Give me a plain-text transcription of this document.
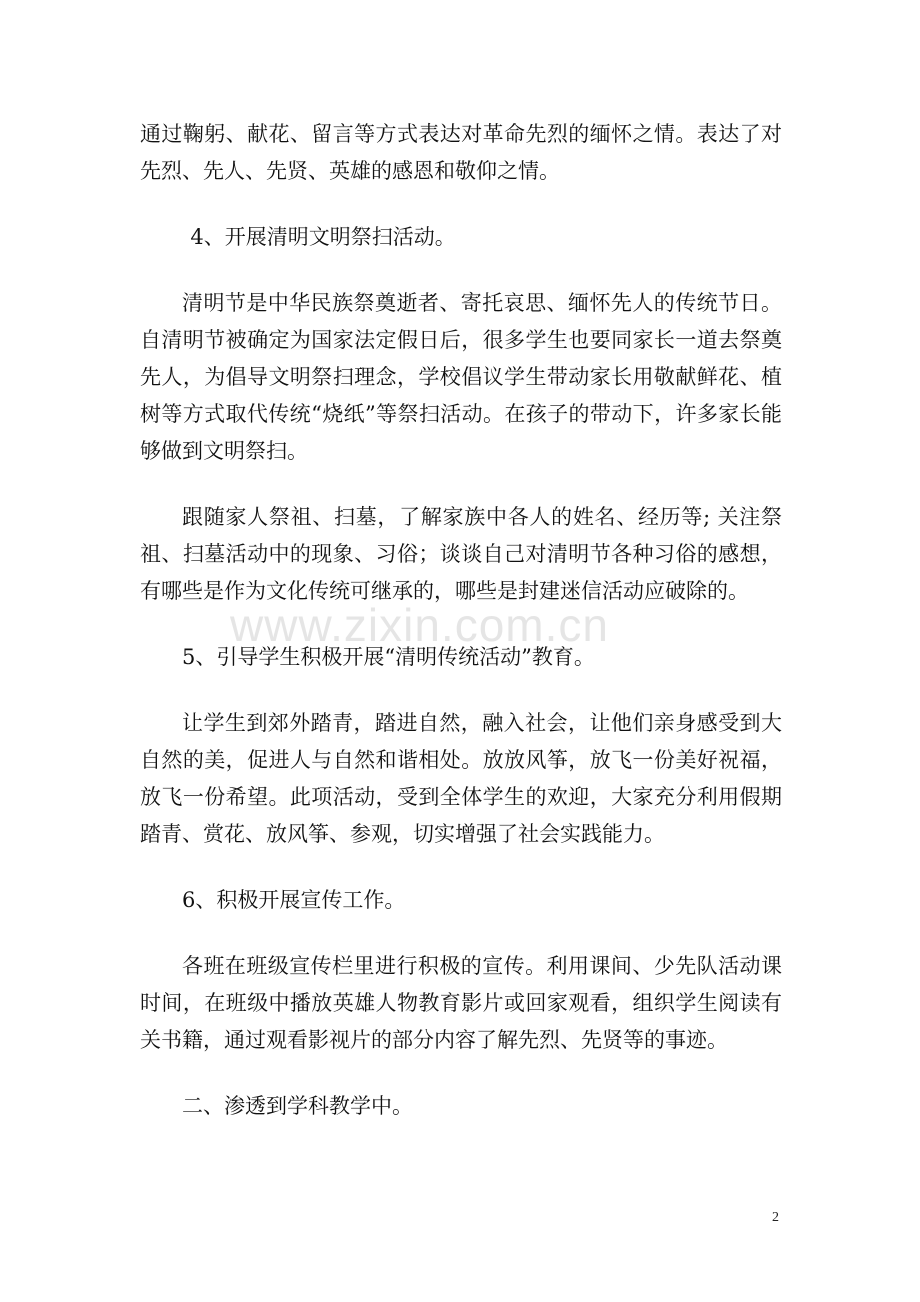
通过鞠躬、献花、留言等方式表达对革命先烈的缅怀之情。表达了对先烈、先人、先贤、英雄的感恩和敬仰之情。

4、开展清明文明祭扫活动。

清明节是中华民族祭奠逝者、寄托哀思、缅怀先人的传统节日。自清明节被确定为国家法定假日后，很多学生也要同家长一道去祭奠先人，为倡导文明祭扫理念，学校倡议学生带动家长用敬献鲜花、植树等方式取代传统“烧纸”等祭扫活动。在孩子的带动下，许多家长能够做到文明祭扫。

跟随家人祭祖、扫墓，了解家族中各人的姓名、经历等; 关注祭祖、扫墓活动中的现象、习俗；谈谈自己对清明节各种习俗的感想，有哪些是作为文化传统可继承的，哪些是封建迷信活动应破除的。

5、引导学生积极开展“清明传统活动”教育。

让学生到郊外踏青，踏进自然，融入社会，让他们亲身感受到大自然的美，促进人与自然和谐相处。放放风筝，放飞一份美好祝福，放飞一份希望。此项活动，受到全体学生的欢迎，大家充分利用假期踏青、赏花、放风筝、参观，切实增强了社会实践能力。

6、积极开展宣传工作。

各班在班级宣传栏里进行积极的宣传。利用课间、少先队活动课时间，在班级中播放英雄人物教育影片或回家观看，组织学生阅读有关书籍，通过观看影视片的部分内容了解先烈、先贤等的事迹。

二、渗透到学科教学中。

www.zixin.com.cn
2
